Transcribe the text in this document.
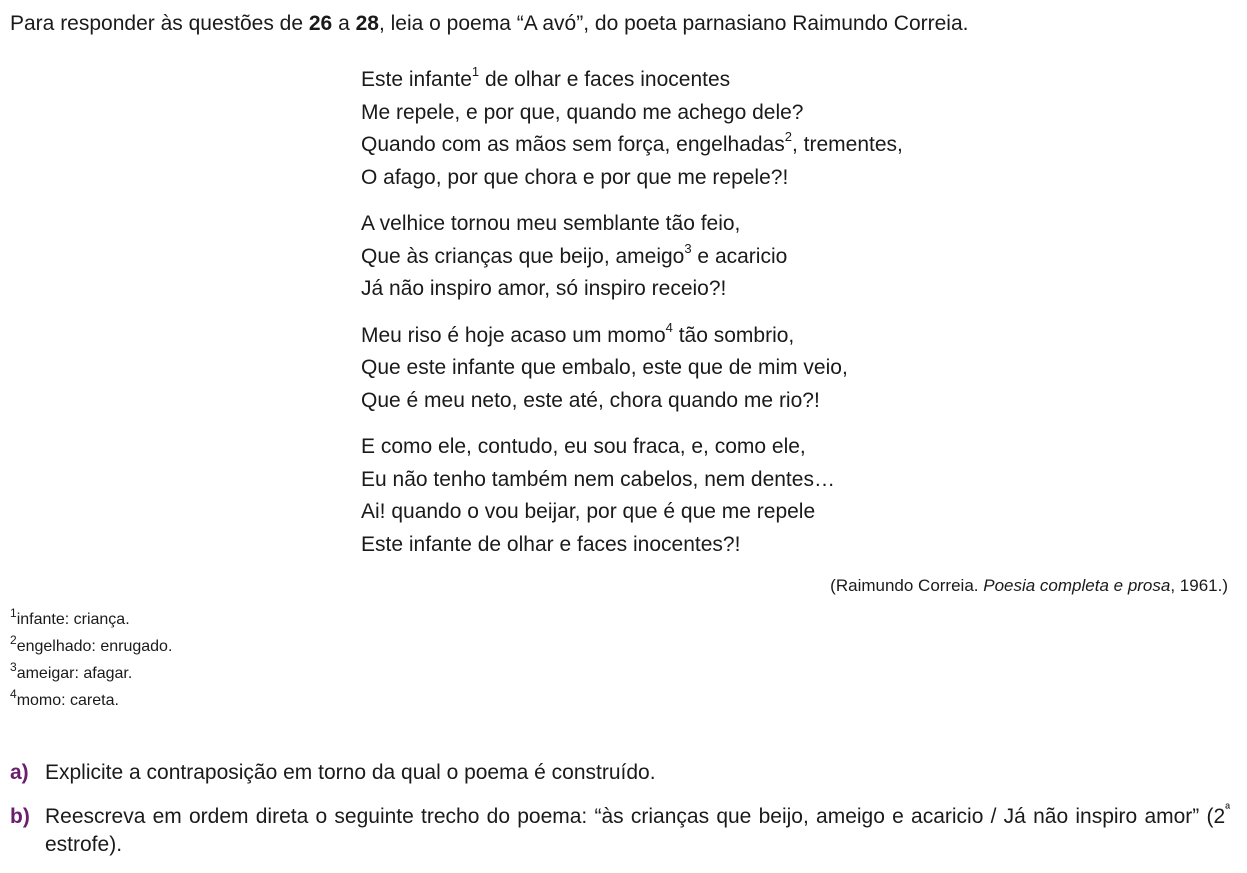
Para responder às questões de 26 a 28, leia o poema “A avó”, do poeta parnasiano Raimundo Correia.
Este infante$^1$ de olhar e faces inocentes
Me repele, e por que, quando me achego dele?
Quando com as mãos sem força, engelhadas$^2$, trementes,
O afago, por que chora e por que me repele?!
A velhice tornou meu semblante tão feio,
Que às crianças que beijo, ameigo$^3$ e acaricio
Já não inspiro amor, só inspiro receio?!
Meu riso é hoje acaso um momo$^4$ tão sombrio,
Que este infante que embalo, este que de mim veio,
Que é meu neto, este até, chora quando me rio?!
E como ele, contudo, eu sou fraca, e, como ele,
Eu não tenho também nem cabelos, nem dentes…
Ai! quando o vou beijar, por que é que me repele
Este infante de olhar e faces inocentes?!
(Raimundo Correia. Poesia completa e prosa, 1961.)
$^1$infante: criança.
$^2$engelhado: enrugado.
$^3$ameigar: afagar.
$^4$momo: careta.
a) Explicite a contraposição em torno da qual o poema é construído.
b) Reescreva em ordem direta o seguinte trecho do poema: “às crianças que beijo, ameigo e acaricio / Já não inspiro amor” ($2^ª$ estrofe).
